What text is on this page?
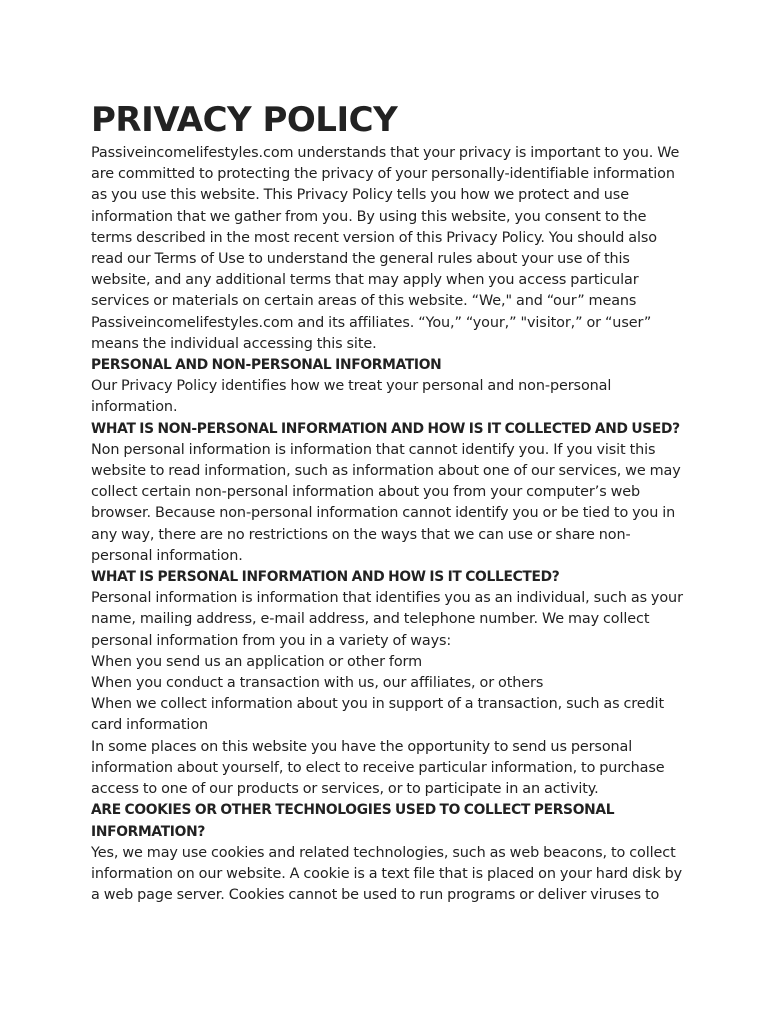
PRIVACY POLICY

Passiveincomelifestyles.com understands that your privacy is important to you. We are committed to protecting the privacy of your personally-identifiable information as you use this website. This Privacy Policy tells you how we protect and use information that we gather from you. By using this website, you consent to the terms described in the most recent version of this Privacy Policy. You should also read our Terms of Use to understand the general rules about your use of this website, and any additional terms that may apply when you access particular services or materials on certain areas of this website. “We," and “our” means Passiveincomelifestyles.com and its affiliates. “You,” “your,” "visitor,” or “user” means the individual accessing this site.

PERSONAL AND NON-PERSONAL INFORMATION

Our Privacy Policy identifies how we treat your personal and non-personal information.

WHAT IS NON-PERSONAL INFORMATION AND HOW IS IT COLLECTED AND USED?

Non personal information is information that cannot identify you. If you visit this website to read information, such as information about one of our services, we may collect certain non-personal information about you from your computer’s web browser. Because non-personal information cannot identify you or be tied to you in any way, there are no restrictions on the ways that we can use or share non-personal information.

WHAT IS PERSONAL INFORMATION AND HOW IS IT COLLECTED?

Personal information is information that identifies you as an individual, such as your name, mailing address, e-mail address, and telephone number. We may collect personal information from you in a variety of ways:

When you send us an application or other form

When you conduct a transaction with us, our affiliates, or others

When we collect information about you in support of a transaction, such as credit card information

In some places on this website you have the opportunity to send us personal information about yourself, to elect to receive particular information, to purchase access to one of our products or services, or to participate in an activity.

ARE COOKIES OR OTHER TECHNOLOGIES USED TO COLLECT PERSONAL INFORMATION?

Yes, we may use cookies and related technologies, such as web beacons, to collect information on our website. A cookie is a text file that is placed on your hard disk by a web page server. Cookies cannot be used to run programs or deliver viruses to
